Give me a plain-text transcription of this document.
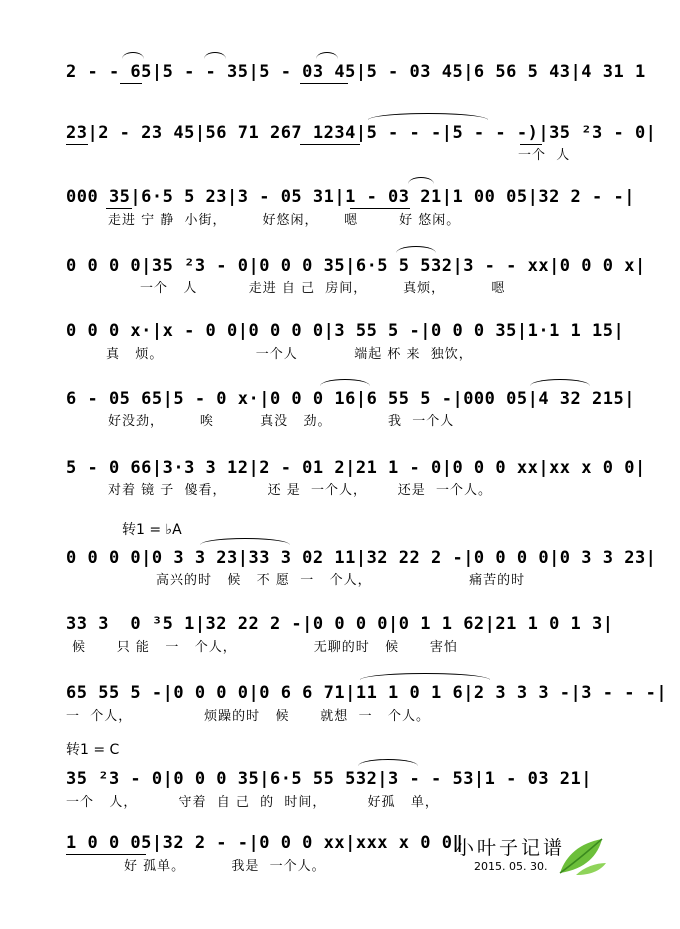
2 - - 65|5 - - 35|5 - 03 45|5 - 03 45|6 56 5 43|4 31 1
23|2 - 23 45|56 71 267 1234|5 - - -|5 - - -)|35 ²3 - 0|
一个  人
000 35|6·5 5 23|3 - 05 31|1 - 03 21|1 00 05|32 2 - -|
走进 宁 静  小街，       好悠闲，     嗯        好 悠闲。
0 0 0 0|35 ²3 - 0|0 0 0 35|6·5 5 532|3 - - xx|0 0 0 x|
一个   人          走进 自 己  房间，       真烦，         嗯
0 0 0 x·|x - 0 0|0 0 0 0|3 55 5 -|0 0 0 35|1·1 1 15|
真   烦。                  一个人           端起 杯 来  独饮，
6 - 05 65|5 - 0 x·|0 0 0 16|6 55 5 -|000 05|4 32 215|
好没劲，       唉         真没   劲。           我  一个人
5 - 0 66|3·3 3 12|2 - 01 2|21 1 - 0|0 0 0 xx|xx x 0 0|
对着 镜 子  傻看，        还 是  一个人，      还是  一个人。
转1 = ♭A
0 0 0 0|0 3 3 23|33 3 02 11|32 22 2 -|0 0 0 0|0 3 3 23|
高兴的时   候   不 愿  一   个人，                   痛苦的时
33 3  0 ³5 1|32 22 2 -|0 0 0 0|0 1 1 62|21 1 0 1 3|
候      只 能   一   个人，               无聊的时   候      害怕
65 55 5 -|0 0 0 0|0 6 6 71|11 1 0 1 6|2 3 3 3 -|3 - - -|
一  个人，              烦躁的时   候      就想  一   个人。
转1 = C
35 ²3 - 0|0 0 0 35|6·5 55 532|3 - - 53|1 - 03 21|
一个   人，        守着  自 己  的  时间，        好孤   单，
1 0 0 05|32 2 - -|0 0 0 xx|xxx x 0 0‖
好 孤单。         我是  一个人。
小叶子记谱
2015. 05. 30.
